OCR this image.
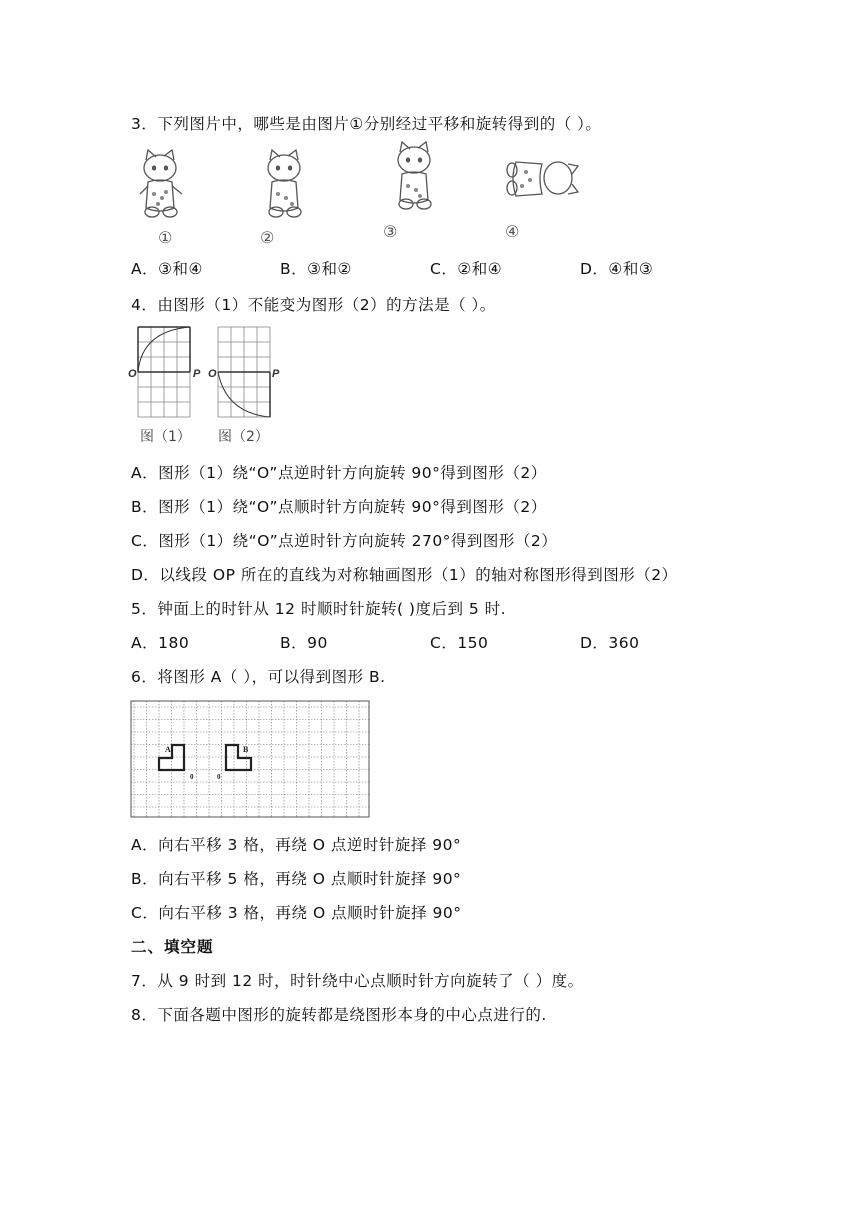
3．下列图片中，哪些是由图片①分别经过平移和旋转得到的（ ）。
①	②	③	④
A．③和④	B．③和②	C．②和④	D．④和③
4．由图形（1）不能变为图形（2）的方法是（ ）。
O	P O	P
图（1） 图（2）
A．图形（1）绕“O”点逆时针方向旋转 90°得到图形（2）
B．图形（1）绕“O”点顺时针方向旋转 90°得到图形（2）
C．图形（1）绕“O”点逆时针方向旋转 270°得到图形（2）
D．以线段 OP 所在的直线为对称轴画图形（1）的轴对称图形得到图形（2）
5．钟面上的时针从 12 时顺时针旋转( )度后到 5 时.
A．180	B．90	C．150	D．360
6．将图形 A（ ），可以得到图形 B.
A	B
0	0
A．向右平移 3 格，再绕 O 点逆时针旋择 90°
B．向右平移 5 格，再绕 O 点顺时针旋择 90°
C．向右平移 3 格，再绕 O 点顺时针旋择 90°
二、填空题
7．从 9 时到 12 时，时针绕中心点顺时针方向旋转了（ ）度。
8．下面各题中图形的旋转都是绕图形本身的中心点进行的.
